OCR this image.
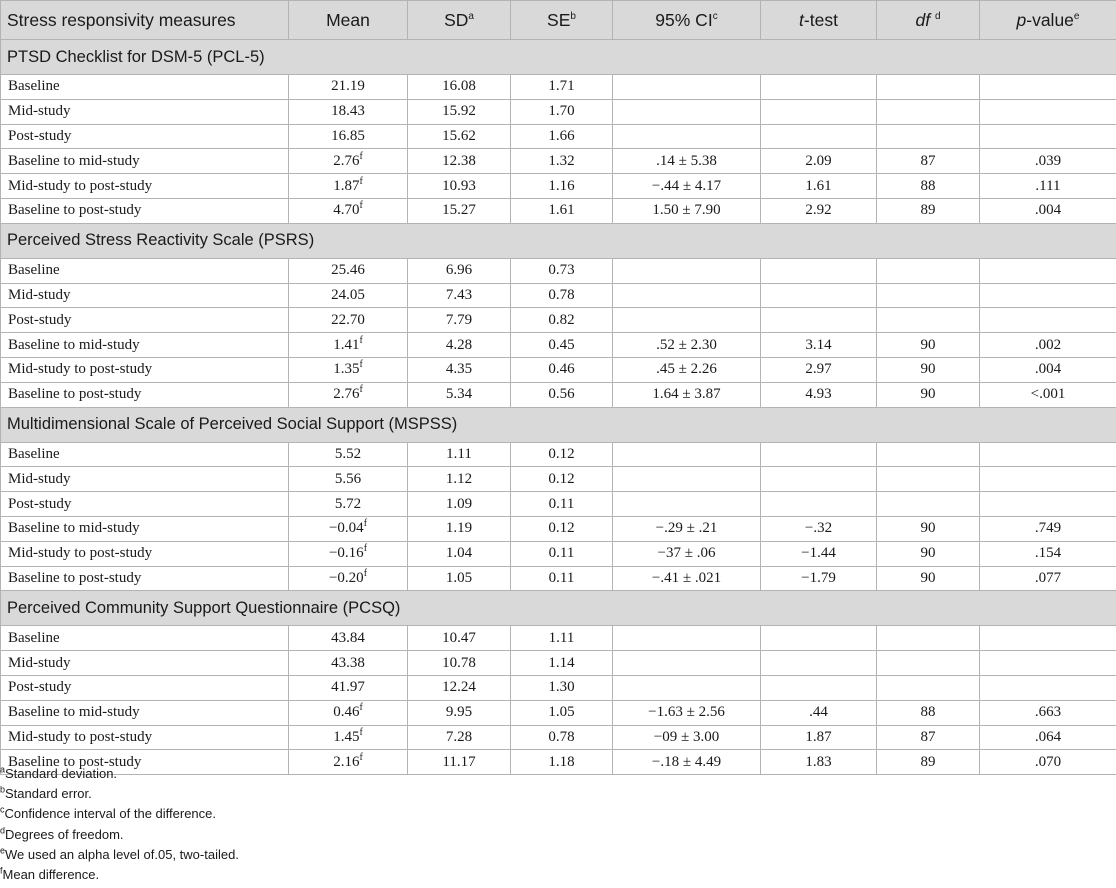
Stress responsivity measures	Mean	$SD^a$	$SE^b$	95% $CI^c$	t-test	df $^d$	p-value$^e$
PTSD Checklist for DSM-5 (PCL-5)							
Baseline	21.19	16.08	1.71				
Mid-study	18.43	15.92	1.70				
Post-study	16.85	15.62	1.66				
Baseline to mid-study	2.76$^f$	12.38	1.32	.14 ± 5.38	2.09	87	.039
Mid-study to post-study	1.87$^f$	10.93	1.16	−.44 ± 4.17	1.61	88	.111
Baseline to post-study	4.70$^f$	15.27	1.61	1.50 ± 7.90	2.92	89	.004
Perceived Stress Reactivity Scale (PSRS)							
Baseline	25.46	6.96	0.73				
Mid-study	24.05	7.43	0.78				
Post-study	22.70	7.79	0.82				
Baseline to mid-study	1.41$^f$	4.28	0.45	.52 ± 2.30	3.14	90	.002
Mid-study to post-study	1.35$^f$	4.35	0.46	.45 ± 2.26	2.97	90	.004
Baseline to post-study	2.76$^f$	5.34	0.56	1.64 ± 3.87	4.93	90	<.001
Multidimensional Scale of Perceived Social Support (MSPSS)							
Baseline	5.52	1.11	0.12				
Mid-study	5.56	1.12	0.12				
Post-study	5.72	1.09	0.11				
Baseline to mid-study	−0.04$^f$	1.19	0.12	−.29 ± .21	−.32	90	.749
Mid-study to post-study	−0.16$^f$	1.04	0.11	−37 ± .06	−1.44	90	.154
Baseline to post-study	−0.20$^f$	1.05	0.11	−.41 ± .021	−1.79	90	.077
Perceived Community Support Questionnaire (PCSQ)							
Baseline	43.84	10.47	1.11				
Mid-study	43.38	10.78	1.14				
Post-study	41.97	12.24	1.30				
Baseline to mid-study	0.46$^f$	9.95	1.05	−1.63 ± 2.56	.44	88	.663
Mid-study to post-study	1.45$^f$	7.28	0.78	−09 ± 3.00	1.87	87	.064
Baseline to post-study	2.16$^f$	11.17	1.18	−.18 ± 4.49	1.83	89	.070
$^a$Standard deviation.
$^b$Standard error.
$^c$Confidence interval of the difference.
$^d$Degrees of freedom.
$^e$We used an alpha level of.05, two-tailed.
$^f$Mean difference.
